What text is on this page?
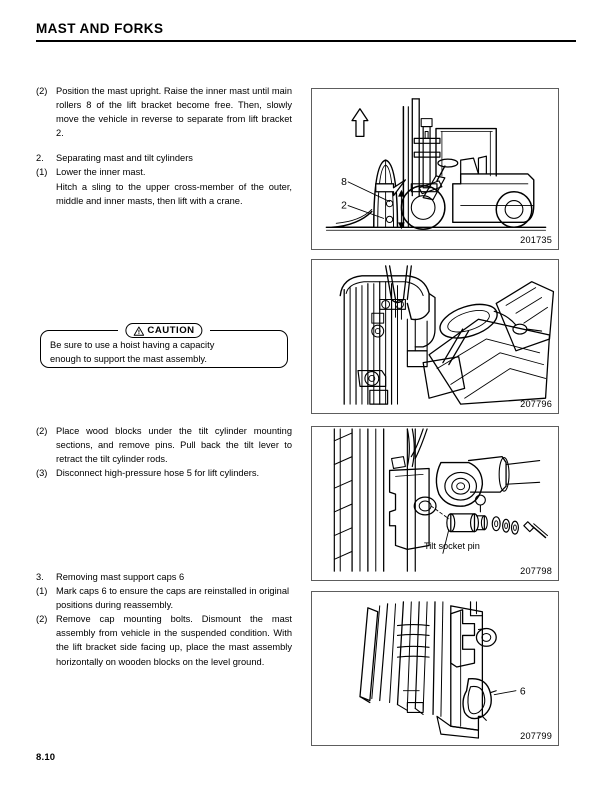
MAST AND FORKS
(2) Position the mast upright. Raise the inner mast until main rollers 8 of the lift bracket become free. Then, slowly move the vehicle in reverse to separate from lift bracket 2.
2.	Separating mast and tilt cylinders
(1) Lower the inner mast.
Hitch a sling to the upper cross-member of the outer, middle and inner masts, then lift with a crane.
CAUTION
Be sure to use a hoist having a capacity
enough to support the mast assembly.
(2) Place wood blocks under the tilt cylinder mounting sections, and remove pins. Pull back the tilt lever to retract the tilt cylinder rods.
(3) Disconnect high-pressure hose 5 for lift cylinders.
3.	Removing mast support caps 6
(1) Mark caps 6 to ensure the caps are reinstalled in original positions during reassembly.
(2) Remove cap mounting bolts. Dismount the mast assembly from vehicle in the suspended condition. With the lift bracket side facing up, place the mast assembly horizontally on wooden blocks on the level ground.
8
2
201735
207796
Tilt socket pin
207798
6
207799
8.10
